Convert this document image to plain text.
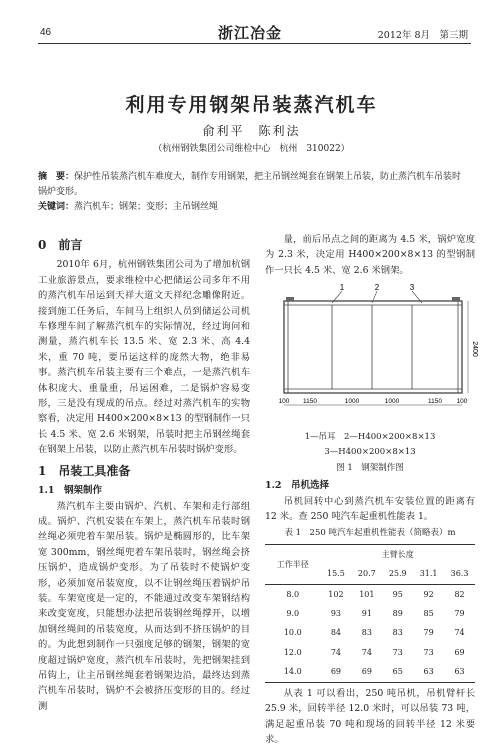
46	浙江冶金	2012年 8月　第三期
利用专用钢架吊装蒸汽机车
俞利平　陈利法
（杭州钢铁集团公司维检中心　杭州　310022）
摘　要：保护性吊装蒸汽机车难度大，制作专用钢架，把主吊钢丝绳套在钢架上吊装，防止蒸汽机车吊装时锅炉变形。
关键词：蒸汽机车；钢架；变形；主吊钢丝绳
0　前言

2010年 6月，杭州钢铁集团公司为了增加杭钢工业旅游景点，要求维检中心把储运公司多年不用的蒸汽机车吊运到天祥大道文天祥纪念雕像附近。接到施工任务后，车间马上组织人员到储运公司机车修理车间了解蒸汽机车的实际情况，经过询问和测量，蒸汽机车长 13.5 米、宽 2.3 米、高 4.4 米，重 70 吨，要吊运这样的庞然大物，绝非易事。蒸汽机车吊装主要有三个难点，一是蒸汽机车体积庞大、重量重，吊运困难，二是锅炉容易变形，三是没有现成的吊点。经过对蒸汽机车的实物察看，决定用 H400×200×8×13 的型钢制作一只长 4.5 米、宽 2.6 米钢架，吊装时把主吊钢丝绳套在钢架上吊装，以防止蒸汽机车吊装时锅炉变形。

1　吊装工具准备
1.1　钢架制作

蒸汽机车主要由锅炉、汽机、车架和走行部组成。锅炉、汽机安装在车架上，蒸汽机车吊装时钢丝绳必须兜着车架吊装。锅炉是椭圆形的，比车架宽 300mm，钢丝绳兜着车架吊装时，钢丝绳会挤压锅炉，造成锅炉变形。为了吊装时不使锅炉变形，必须加宽吊装宽度，以不让钢丝绳压着锅炉吊装。车架宽度是一定的，不能通过改变车架钢结构来改变宽度，只能想办法把吊装钢丝绳撑开，以增加钢丝绳间的吊装宽度，从而达到不挤压锅炉的目的。为此想到制作一只强度足够的钢架，钢架的宽度超过锅炉宽度，蒸汽机车吊装时，先把钢架挂到吊钩上，让主吊钢丝绳套着钢架边沿，最终达到蒸汽机车吊装时，锅炉不会被挤压变形的目的。经过测

量，前后吊点之间的距离为 4.5 米，锅炉宽度为 2.3 米，决定用 H400×200×8×13 的型钢制作一只长 4.5 米、宽 2.6 米钢架。

1	2	3
2400
100 1150	1000	1000	1150 100
1—吊耳　2—H400×200×8×13
3—H400×200×8×13
图 1　钢架制作图
1.2　吊机选择

吊机回转中心到蒸汽机车安装位置的距离有 12 米。查 250 吨汽车起重机性能表 1。

表 1　250 吨汽车起重机性能表（简略表）m
工作半径	主臂长度				
	15.5	20.7	25.9	31.1	36.3
8.0	102	101	95	92	82
9.0	93	91	89	85	79
10.0	84	83	83	79	74
12.0	74	74	73	73	69
14.0	69	69	65	63	63

从表 1 可以看出，250 吨吊机，吊机臂杆长 25.9 米，回转半径 12.0 米时，可以吊装 73 吨，满足起重吊装 70 吨和现场的回转半径 12 米要求。
